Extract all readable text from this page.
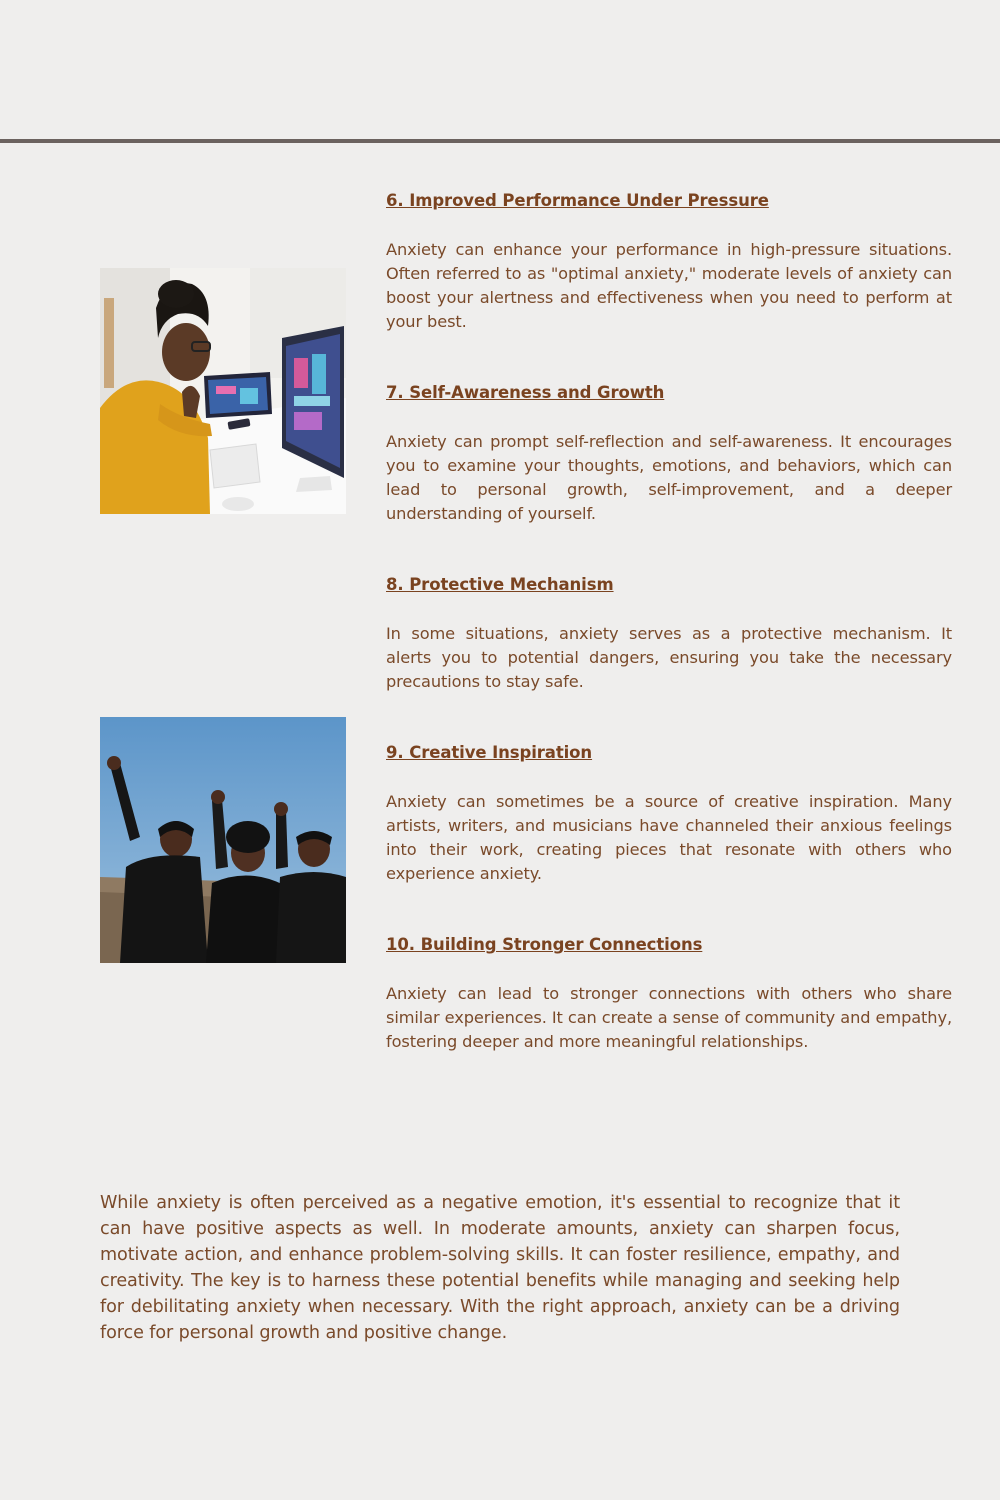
6. Improved Performance Under Pressure

Anxiety can enhance your performance in high-pressure situations. Often referred to as "optimal anxiety," moderate levels of anxiety can boost your alertness and effectiveness when you need to perform at your best.

7. Self-Awareness and Growth

Anxiety can prompt self-reflection and self-awareness. It encourages you to examine your thoughts, emotions, and behaviors, which can lead to personal growth, self-improvement, and a deeper understanding of yourself.

8. Protective Mechanism

In some situations, anxiety serves as a protective mechanism. It alerts you to potential dangers, ensuring you take the necessary precautions to stay safe.

9. Creative Inspiration

Anxiety can sometimes be a source of creative inspiration. Many artists, writers, and musicians have channeled their anxious feelings into their work, creating pieces that resonate with others who experience anxiety.

10. Building Stronger Connections

Anxiety can lead to stronger connections with others who share similar experiences. It can create a sense of community and empathy, fostering deeper and more meaningful relationships.

While anxiety is often perceived as a negative emotion, it's essential to recognize that it can have positive aspects as well. In moderate amounts, anxiety can sharpen focus, motivate action, and enhance problem-solving skills. It can foster resilience, empathy, and creativity. The key is to harness these potential benefits while managing and seeking help for debilitating anxiety when necessary. With the right approach, anxiety can be a driving force for personal growth and positive change.
